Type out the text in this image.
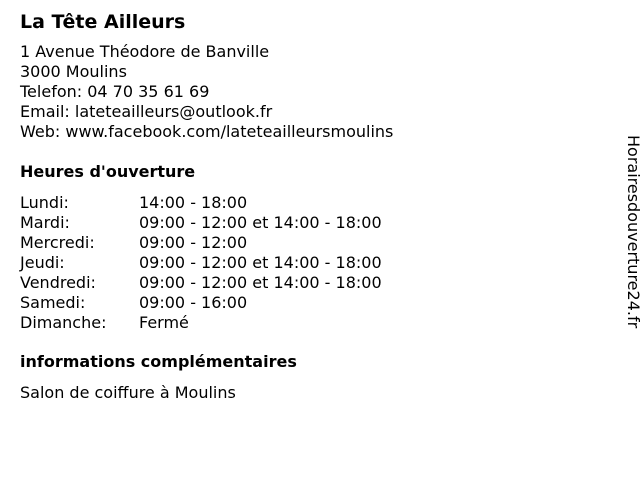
La Tête Ailleurs
1 Avenue Théodore de Banville
3000 Moulins
Telefon: 04 70 35 61 69
Email: lateteailleurs@outlook.fr
Web: www.facebook.com/lateteailleursmoulins
Heures d'ouverture
Lundi:	14:00 - 18:00
Mardi:	09:00 - 12:00 et 14:00 - 18:00
Mercredi:	09:00 - 12:00
Jeudi:	09:00 - 12:00 et 14:00 - 18:00
Vendredi:	09:00 - 12:00 et 14:00 - 18:00
Samedi:	09:00 - 16:00
Dimanche:	Fermé
informations complémentaires
Salon de coiffure à Moulins
Horairesdouverture24.fr
